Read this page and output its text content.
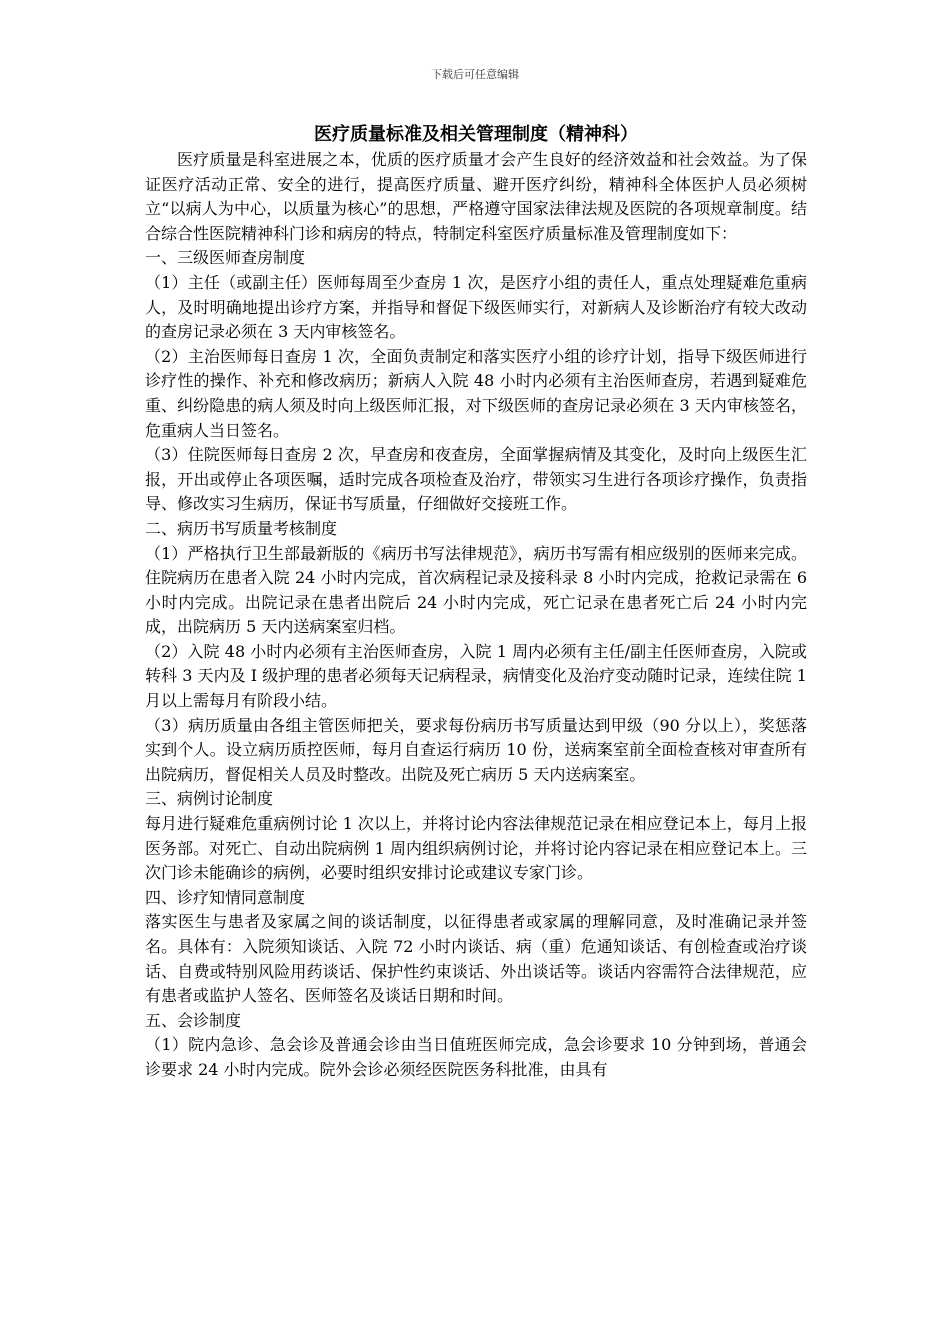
下载后可任意编辑

医疗质量标准及相关管理制度（精神科）

医疗质量是科室进展之本，优质的医疗质量才会产生良好的经济效益和社会效益。为了保证医疗活动正常、安全的进行，提高医疗质量、避开医疗纠纷，精神科全体医护人员必须树立“以病人为中心，以质量为核心”的思想，严格遵守国家法律法规及医院的各项规章制度。结合综合性医院精神科门诊和病房的特点，特制定科室医疗质量标准及管理制度如下：

一、三级医师查房制度

（1）主任（或副主任）医师每周至少查房 1 次，是医疗小组的责任人，重点处理疑难危重病人，及时明确地提出诊疗方案，并指导和督促下级医师实行，对新病人及诊断治疗有较大改动的查房记录必须在 3 天内审核签名。

（2）主治医师每日查房 1 次，全面负责制定和落实医疗小组的诊疗计划，指导下级医师进行诊疗性的操作、补充和修改病历；新病人入院 48 小时内必须有主治医师查房，若遇到疑难危重、纠纷隐患的病人须及时向上级医师汇报，对下级医师的查房记录必须在 3 天内审核签名，危重病人当日签名。

（3）住院医师每日查房 2 次，早查房和夜查房，全面掌握病情及其变化，及时向上级医生汇报，开出或停止各项医嘱，适时完成各项检查及治疗，带领实习生进行各项诊疗操作，负责指导、修改实习生病历，保证书写质量，仔细做好交接班工作。

二、病历书写质量考核制度

（1）严格执行卫生部最新版的《病历书写法律规范》，病历书写需有相应级别的医师来完成。住院病历在患者入院 24 小时内完成，首次病程记录及接科录 8 小时内完成，抢救记录需在 6 小时内完成。出院记录在患者出院后 24 小时内完成，死亡记录在患者死亡后 24 小时内完成，出院病历 5 天内送病案室归档。

（2）入院 48 小时内必须有主治医师查房，入院 1 周内必须有主任/副主任医师查房，入院或转科 3 天内及 I 级护理的患者必须每天记病程录，病情变化及治疗变动随时记录，连续住院 1 月以上需每月有阶段小结。

（3）病历质量由各组主管医师把关，要求每份病历书写质量达到甲级（90 分以上），奖惩落实到个人。设立病历质控医师，每月自查运行病历 10 份，送病案室前全面检查核对审查所有出院病历，督促相关人员及时整改。出院及死亡病历 5 天内送病案室。

三、病例讨论制度

每月进行疑难危重病例讨论 1 次以上，并将讨论内容法律规范记录在相应登记本上，每月上报医务部。对死亡、自动出院病例 1 周内组织病例讨论，并将讨论内容记录在相应登记本上。三次门诊未能确诊的病例，必要时组织安排讨论或建议专家门诊。

四、诊疗知情同意制度

落实医生与患者及家属之间的谈话制度，以征得患者或家属的理解同意，及时准确记录并签名。具体有：入院须知谈话、入院 72 小时内谈话、病（重）危通知谈话、有创检查或治疗谈话、自费或特别风险用药谈话、保护性约束谈话、外出谈话等。谈话内容需符合法律规范，应有患者或监护人签名、医师签名及谈话日期和时间。

五、会诊制度

（1）院内急诊、急会诊及普通会诊由当日值班医师完成，急会诊要求 10 分钟到场，普通会诊要求 24 小时内完成。院外会诊必须经医院医务科批准，由具有
